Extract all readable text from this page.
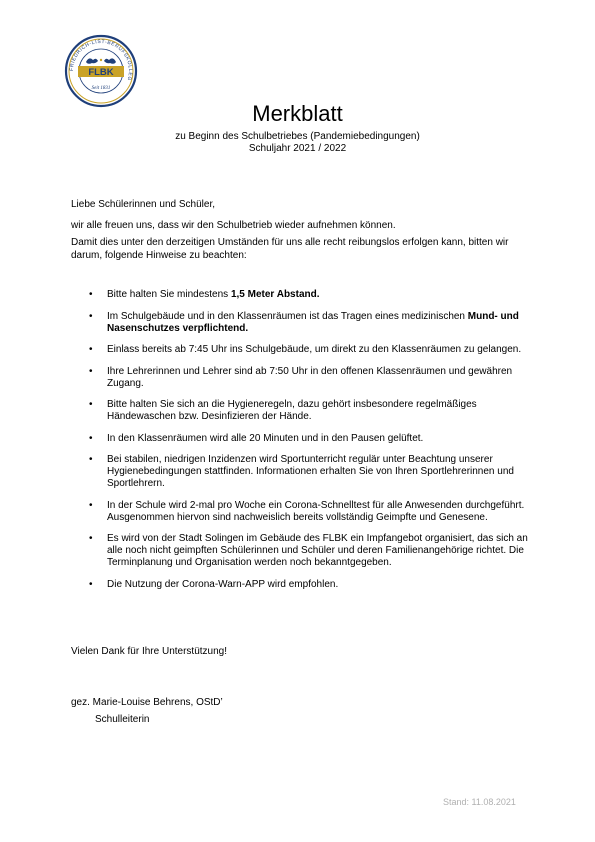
FRIEDRICH-LIST-BERUFSKOLLEG
FLBK
Seit 1831
Merkblatt
zu Beginn des Schulbetriebes (Pandemiebedingungen)
Schuljahr 2021 / 2022

Liebe Schülerinnen und Schüler,

wir alle freuen uns, dass wir den Schulbetrieb wieder aufnehmen können.

Damit dies unter den derzeitigen Umständen für uns alle recht reibungslos erfolgen kann, bitten wir darum, folgende Hinweise zu beachten:

• Bitte halten Sie mindestens 1,5 Meter Abstand.
• Im Schulgebäude und in den Klassenräumen ist das Tragen eines medizinischen Mund- und Nasenschutzes verpflichtend.
• Einlass bereits ab 7:45 Uhr ins Schulgebäude, um direkt zu den Klassenräumen zu gelangen.
• Ihre Lehrerinnen und Lehrer sind ab 7:50 Uhr in den offenen Klassenräumen und gewähren Zugang.
• Bitte halten Sie sich an die Hygieneregeln, dazu gehört insbesondere regelmäßiges Händewaschen bzw. Desinfizieren der Hände.
• In den Klassenräumen wird alle 20 Minuten und in den Pausen gelüftet.
• Bei stabilen, niedrigen Inzidenzen wird Sportunterricht regulär unter Beachtung unserer Hygienebedingungen stattfinden. Informationen erhalten Sie von Ihren Sportlehrerinnen und Sportlehrern.
• In der Schule wird 2-mal pro Woche ein Corona-Schnelltest für alle Anwesenden durchgeführt. Ausgenommen hiervon sind nachweislich bereits vollständig Geimpfte und Genesene.
• Es wird von der Stadt Solingen im Gebäude des FLBK ein Impfangebot organisiert, das sich an alle noch nicht geimpften Schülerinnen und Schüler und deren Familienangehörige richtet. Die Terminplanung und Organisation werden noch bekanntgegeben.
• Die Nutzung der Corona-Warn-APP wird empfohlen.
Vielen Dank für Ihre Unterstützung!
gez. Marie-Louise Behrens, OStD’
Schulleiterin
Stand: 11.08.2021
